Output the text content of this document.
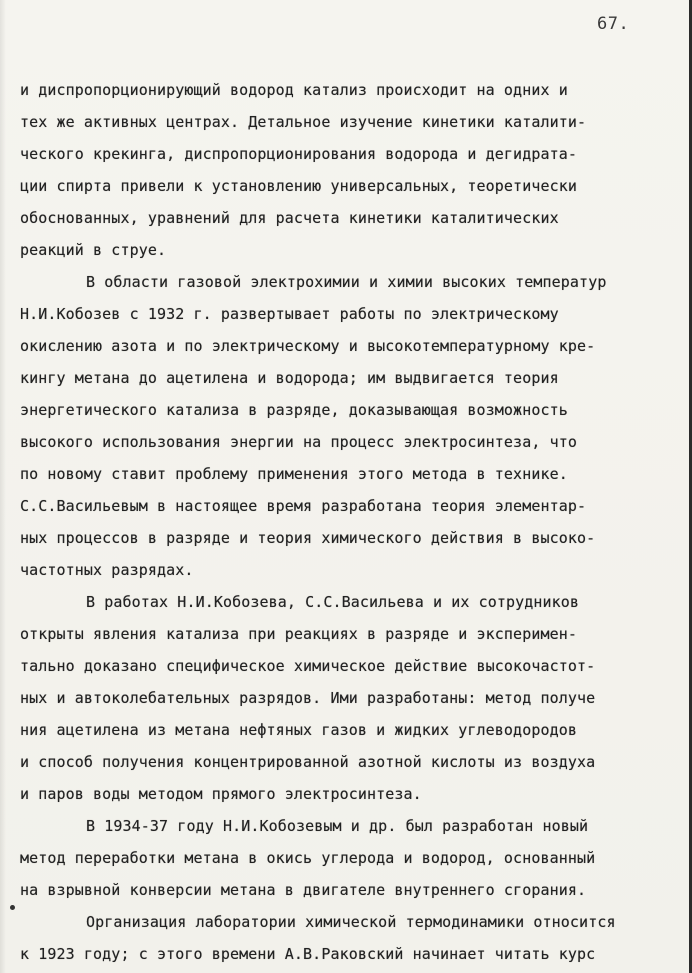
67.
и диспропорционирующий водород катализ происходит на одних и
тех же активных центрах. Детальное изучение кинетики каталити-
ческого крекинга, диспропорционирования водорода и дегидрата-
ции спирта привели к установлению универсальных, теоретически
обоснованных, уравнений для расчета кинетики каталитических
реакций в струе.
В области газовой электрохимии и химии высоких температур
Н.И.Кобозев с 1932 г. развертывает работы по электрическому
окислению азота и по электрическому и высокотемпературному кре-
кингу метана до ацетилена и водорода; им выдвигается теория
энергетического катализа в разряде, доказывающая возможность
высокого использования энергии на процесс электросинтеза, что
по новому ставит проблему применения этого метода в технике.
С.С.Васильевым в настоящее время разработана теория элементар-
ных процессов в разряде и теория химического действия в высоко-
частотных разрядах.
В работах Н.И.Кобозева, С.С.Васильева и их сотрудников
открыты явления катализа при реакциях в разряде и эксперимен-
тально доказано специфическое химическое действие высокочастот-
ных и автоколебательных разрядов. Ими разработаны: метод получе
ния ацетилена из метана нефтяных газов и жидких углеводородов
и способ получения концентрированной азотной кислоты из воздуха
и паров воды методом прямого электросинтеза.
В 1934-37 году Н.И.Кобозевым и др. был разработан новый
метод переработки метана в окись углерода и водород, основанный
на взрывной конверсии метана в двигателе внутреннего сгорания.
Организация лаборатории химической термодинамики относится
к 1923 году; с этого времени А.В.Раковский начинает читать курс
